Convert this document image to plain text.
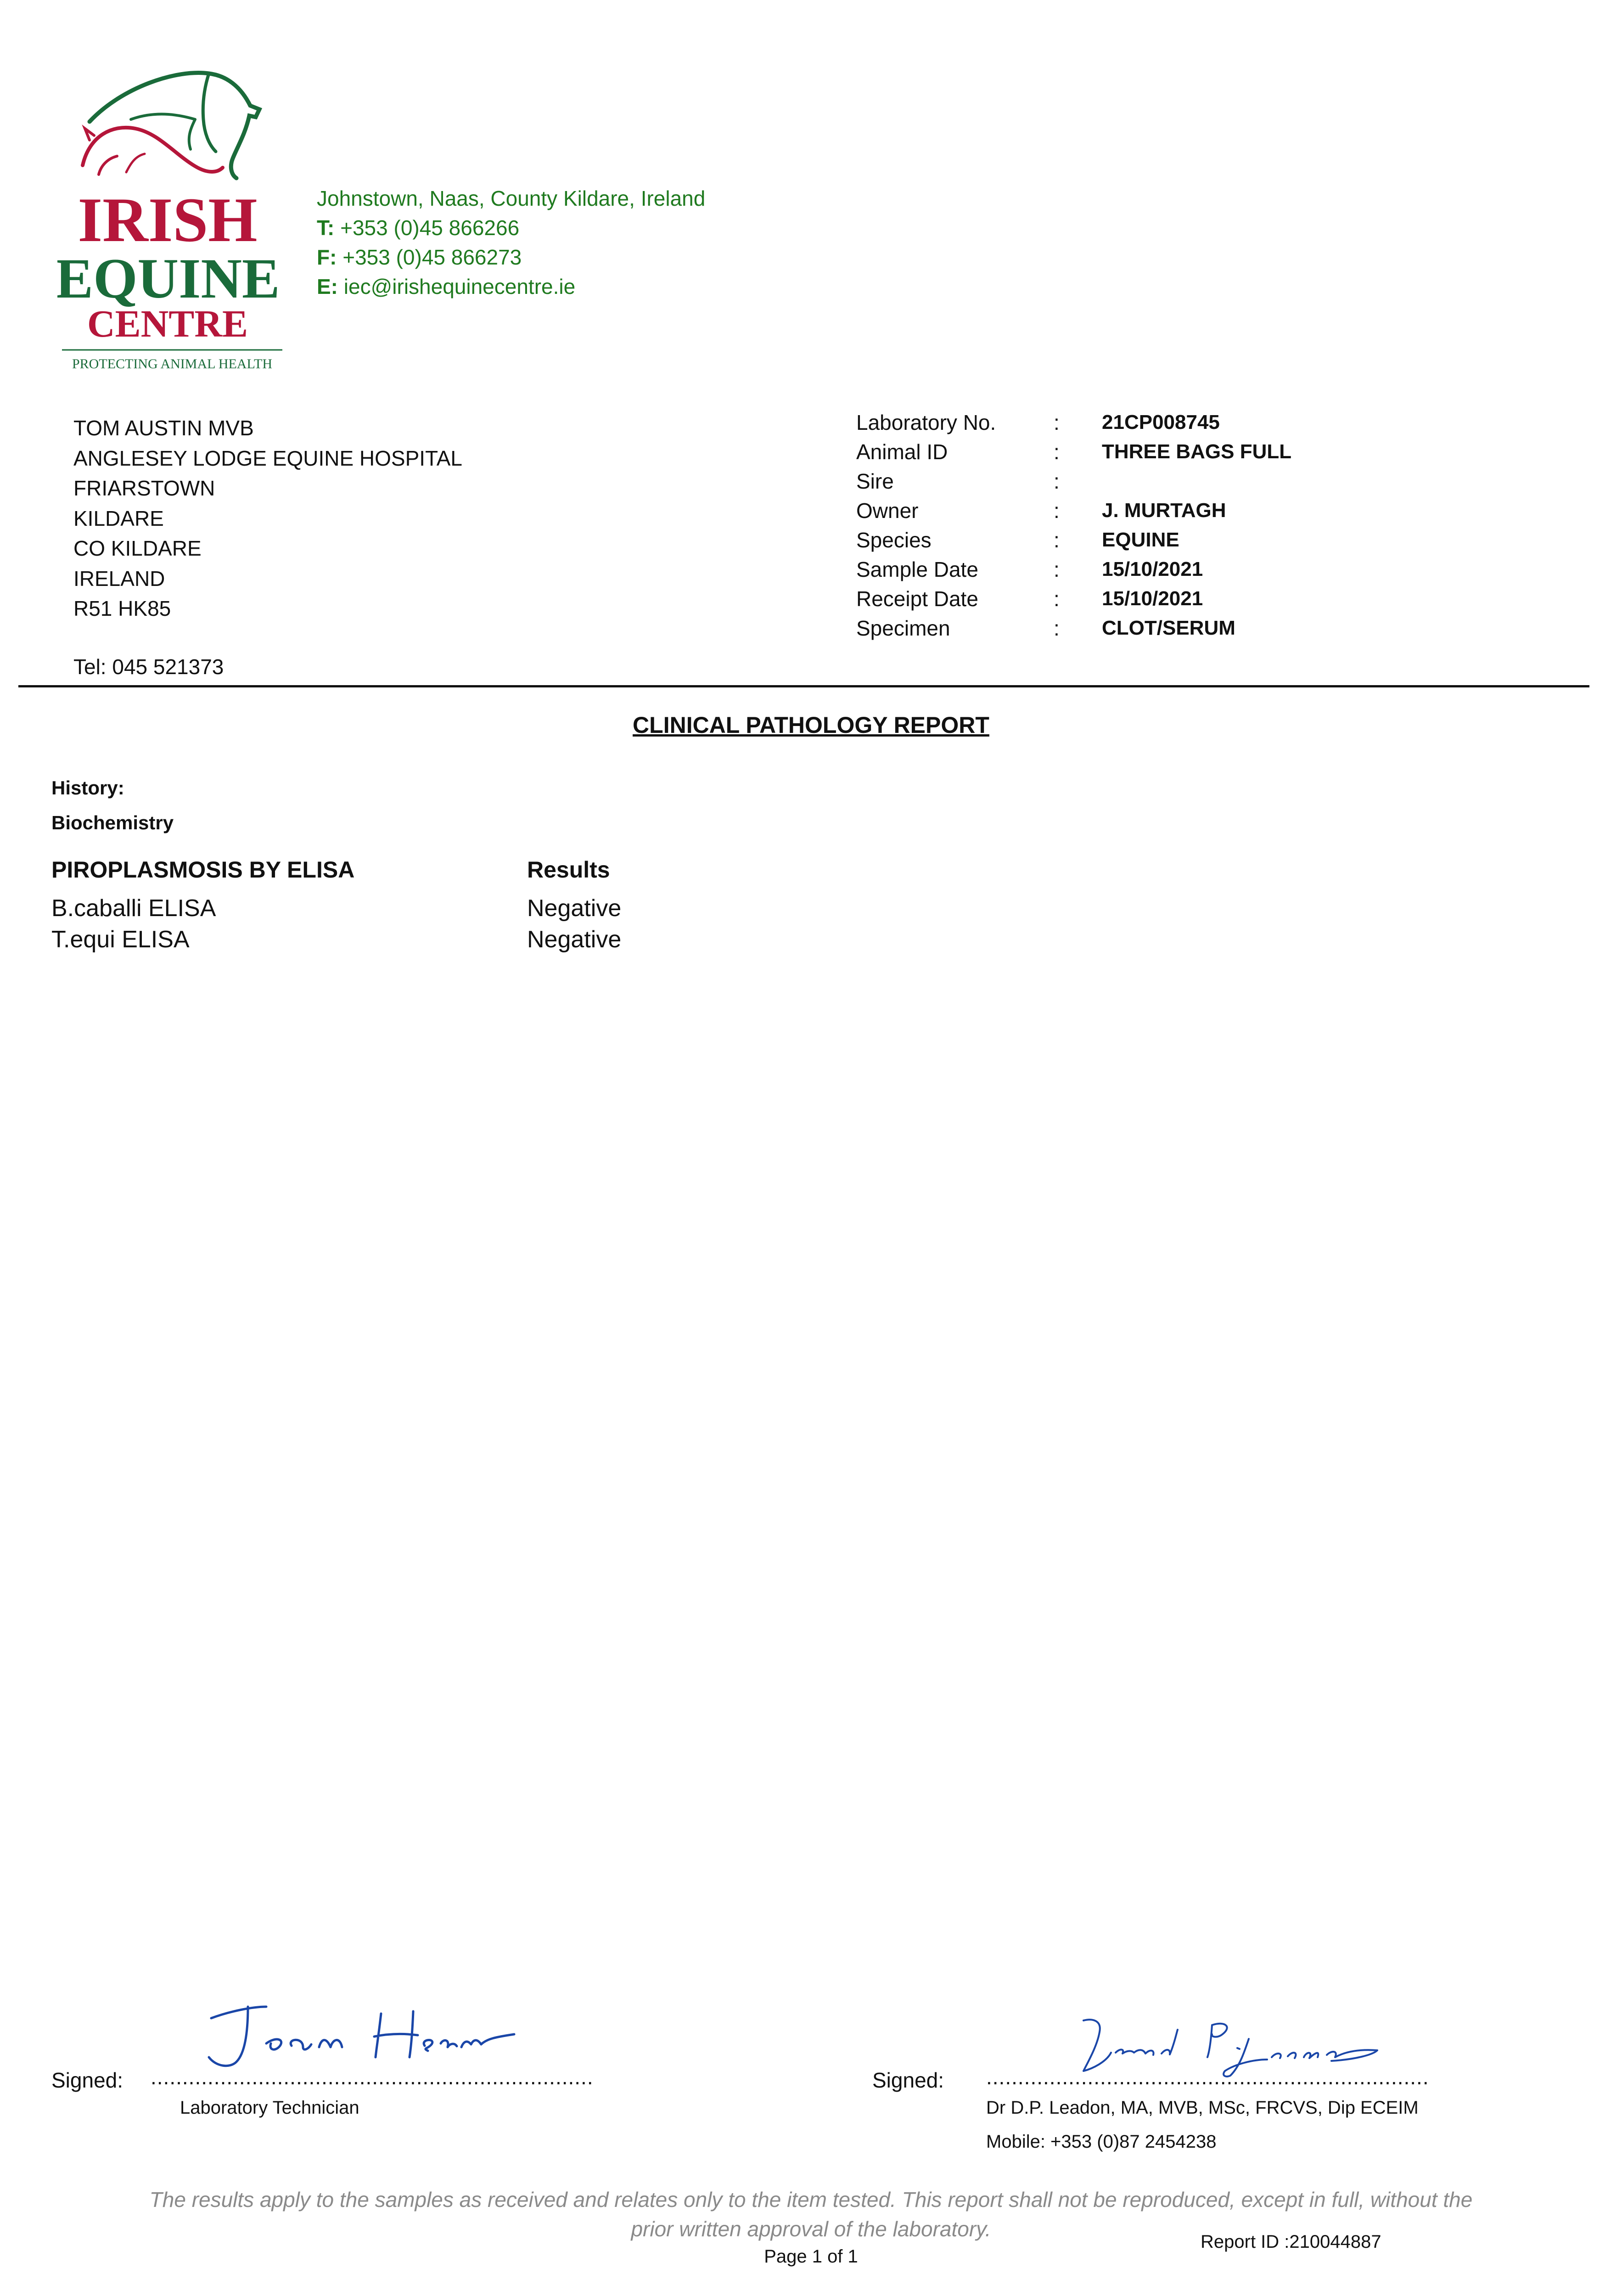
IRISH
EQUINE
CENTRE
PROTECTING ANIMAL HEALTH
Johnstown, Naas, County Kildare, Ireland
T: +353 (0)45 866266
F: +353 (0)45 866273
E: iec@irishequinecentre.ie
TOM AUSTIN MVB
ANGLESEY LODGE EQUINE HOSPITAL
FRIARSTOWN
KILDARE
CO KILDARE
IRELAND
R51 HK85
Tel: 045 521373
Laboratory No.	: 21CP008745
Animal ID	: THREE BAGS FULL
Sire	:
Owner	: J. MURTAGH
Species	: EQUINE
Sample Date	: 15/10/2021
Receipt Date	: 15/10/2021
Specimen	: CLOT/SERUM
CLINICAL PATHOLOGY REPORT
History:
Biochemistry
PIROPLASMOSIS BY ELISA	Results
B.caballi ELISA	Negative
T.equi ELISA	Negative
Signed: ......................................................................
Laboratory Technician
Signed: ......................................................................
Dr D.P. Leadon, MA, MVB, MSc, FRCVS, Dip ECEIM
Mobile: +353 (0)87 2454238
The results apply to the samples as received and relates only to the item tested. This report shall not be reproduced, except in full, without the
prior written approval of the laboratory.
Report ID :210044887
Page 1 of 1
